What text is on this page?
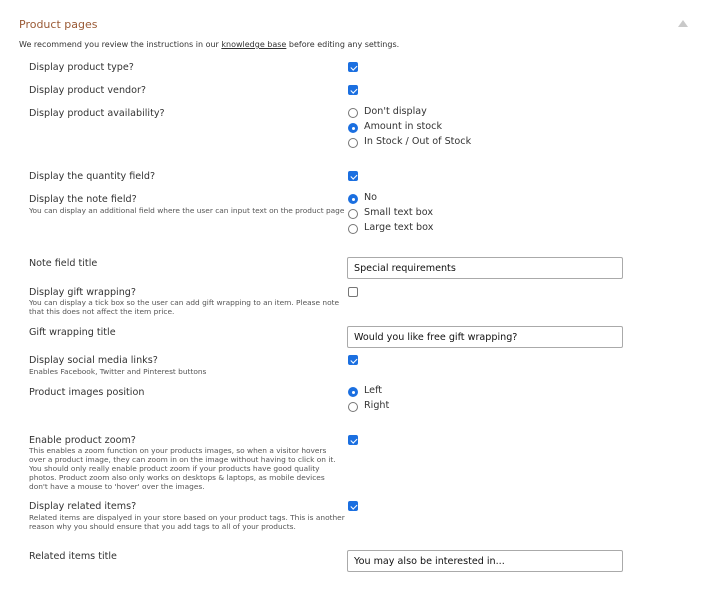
Product pages
We recommend you review the instructions in our knowledge base before editing any settings.
Display product type?
Display product vendor?
Display product availability?	Don't display
Amount in stock
In Stock / Out of Stock
Display the quantity field?
Display the note field?
You can display an additional field where the user can input text on the product page
No
Small text box
Large text box
Note field title
Special requirements
Display gift wrapping?
You can display a tick box so the user can add gift wrapping to an item. Please note that this does not affect the item price.
Gift wrapping title
Would you like free gift wrapping?
Display social media links?
Enables Facebook, Twitter and Pinterest buttons
Product images position	Left
Right
Enable product zoom?
This enables a zoom function on your products images, so when a visitor hovers over a product image, they can zoom in on the image without having to click on it. You should only really enable product zoom if your products have good quality photos. Product zoom also only works on desktops & laptops, as mobile devices don't have a mouse to 'hover' over the images.
Display related items?
Related items are dispalyed in your store based on your product tags. This is another reason why you should ensure that you add tags to all of your products.
Related items title
You may also be interested in...
